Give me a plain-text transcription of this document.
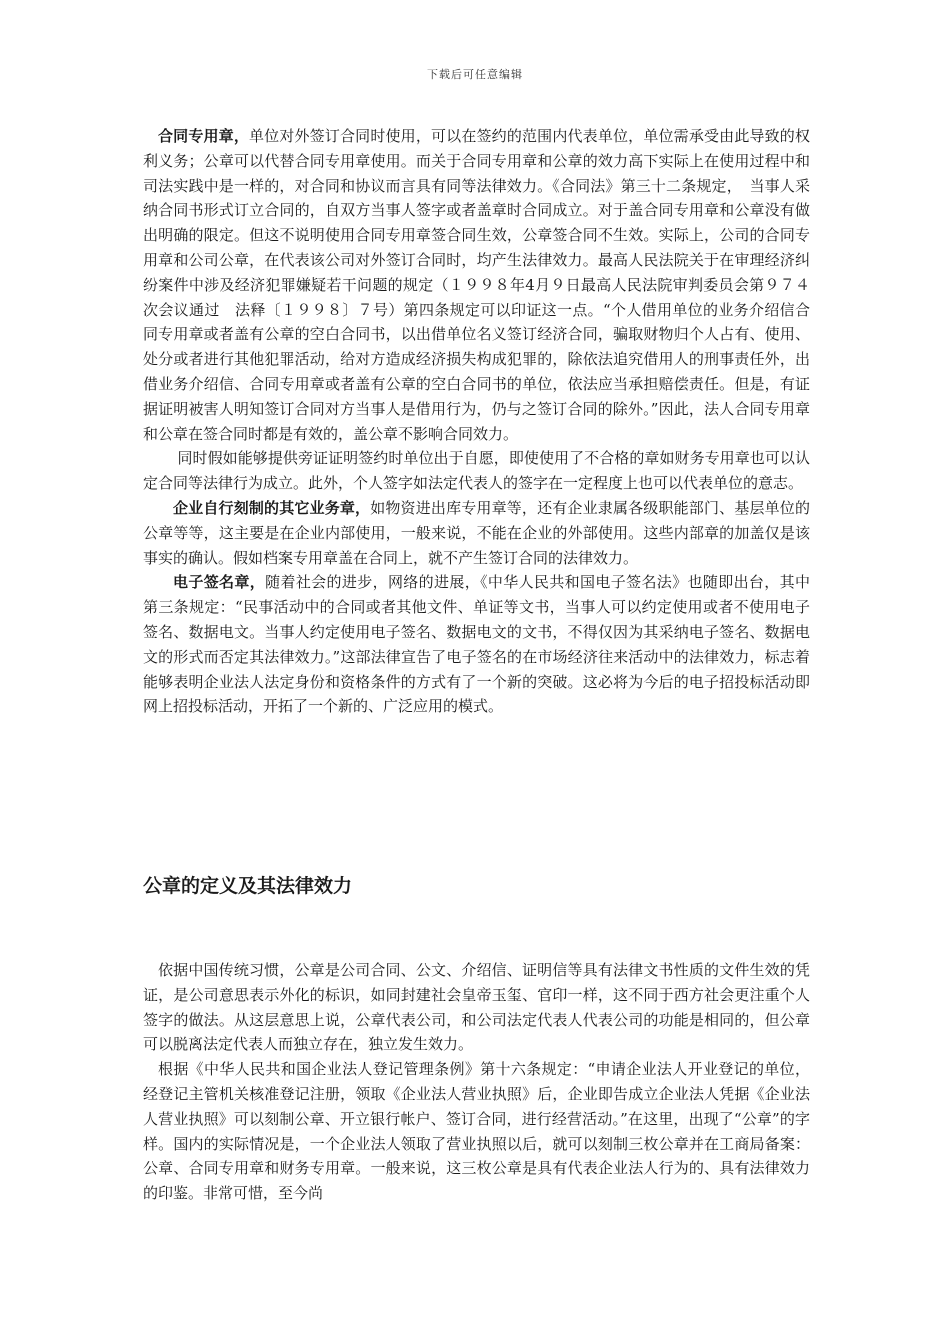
下载后可任意编辑

合同专用章，单位对外签订合同时使用，可以在签约的范围内代表单位，单位需承受由此导致的权利义务；公章可以代替合同专用章使用。而关于合同专用章和公章的效力高下实际上在使用过程中和司法实践中是一样的，对合同和协议而言具有同等法律效力。《合同法》第三十二条规定，　当事人采纳合同书形式订立合同的，自双方当事人签字或者盖章时合同成立。对于盖合同专用章和公章没有做出明确的限定。但这不说明使用合同专用章签合同生效，公章签合同不生效。实际上，公司的合同专用章和公司公章，在代表该公司对外签订合同时，均产生法律效力。最高人民法院关于在审理经济纠纷案件中涉及经济犯罪嫌疑若干问题的规定（１９９８年4月９日最高人民法院审判委员会第９７４次会议通过　法释〔１９９８〕７号）第四条规定可以印证这一点。“个人借用单位的业务介绍信合同专用章或者盖有公章的空白合同书，以出借单位名义签订经济合同，骗取财物归个人占有、使用、处分或者进行其他犯罪活动，给对方造成经济损失构成犯罪的，除依法追究借用人的刑事责任外，出借业务介绍信、合同专用章或者盖有公章的空白合同书的单位，依法应当承担赔偿责任。但是，有证据证明被害人明知签订合同对方当事人是借用行为，仍与之签订合同的除外。”因此，法人合同专用章和公章在签合同时都是有效的，盖公章不影响合同效力。

同时假如能够提供旁证证明签约时单位出于自愿，即使使用了不合格的章如财务专用章也可以认定合同等法律行为成立。此外，个人签字如法定代表人的签字在一定程度上也可以代表单位的意志。

企业自行刻制的其它业务章，如物资进出库专用章等，还有企业隶属各级职能部门、基层单位的公章等等，这主要是在企业内部使用，一般来说，不能在企业的外部使用。这些内部章的加盖仅是该事实的确认。假如档案专用章盖在合同上，就不产生签订合同的法律效力。

电子签名章，随着社会的进步，网络的进展，《中华人民共和国电子签名法》也随即出台，其中第三条规定：“民事活动中的合同或者其他文件、单证等文书，当事人可以约定使用或者不使用电子签名、数据电文。当事人约定使用电子签名、数据电文的文书，不得仅因为其采纳电子签名、数据电文的形式而否定其法律效力。”这部法律宣告了电子签名的在市场经济往来活动中的法律效力，标志着能够表明企业法人法定身份和资格条件的方式有了一个新的突破。这必将为今后的电子招投标活动即网上招投标活动，开拓了一个新的、广泛应用的模式。

公章的定义及其法律效力

依据中国传统习惯，公章是公司合同、公文、介绍信、证明信等具有法律文书性质的文件生效的凭证，是公司意思表示外化的标识，如同封建社会皇帝玉玺、官印一样，这不同于西方社会更注重个人签字的做法。从这层意思上说，公章代表公司，和公司法定代表人代表公司的功能是相同的，但公章可以脱离法定代表人而独立存在，独立发生效力。

根据《中华人民共和国企业法人登记管理条例》第十六条规定：“申请企业法人开业登记的单位，经登记主管机关核准登记注册，领取《企业法人营业执照》后，企业即告成立企业法人凭据《企业法人营业执照》可以刻制公章、开立银行帐户、签订合同，进行经营活动。”在这里，出现了“公章”的字样。国内的实际情况是，一个企业法人领取了营业执照以后，就可以刻制三枚公章并在工商局备案：公章、合同专用章和财务专用章。一般来说，这三枚公章是具有代表企业法人行为的、具有法律效力的印鉴。非常可惜，至今尚
